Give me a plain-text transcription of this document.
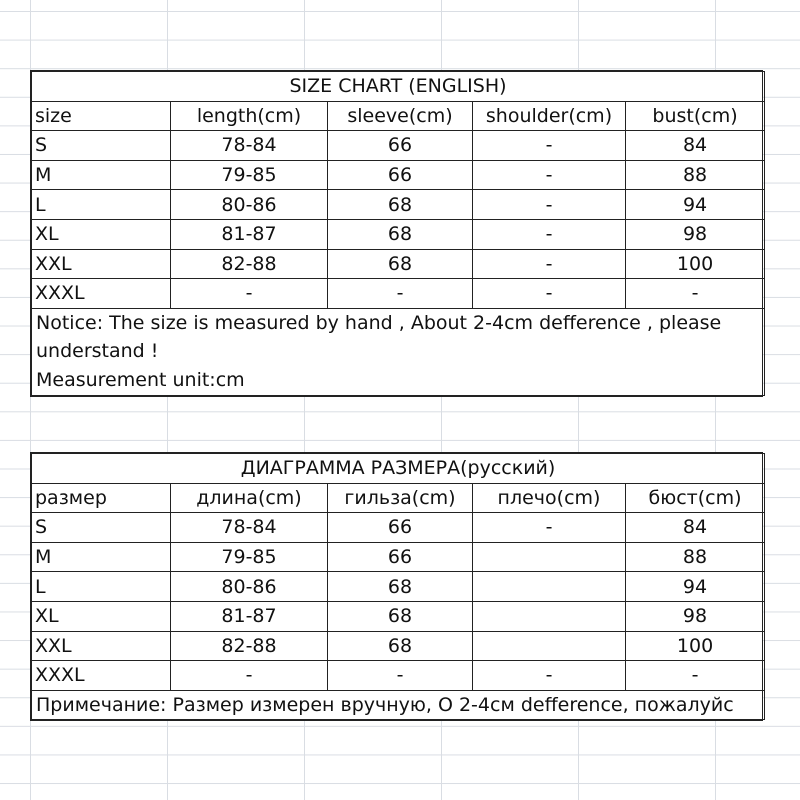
SIZE CHART (ENGLISH)				
size	length(cm)	sleeve(cm)	shoulder(cm)	bust(cm)
S	78-84	66	-	84
M	79-85	66	-	88
L	80-86	68	-	94
XL	81-87	68	-	98
XXL	82-88	68	-	100
XXXL	-	-	-	-

Notice: The size is measured by hand , About 2-4cm defference , please
understand !
Measurement unit:cm				
ДИАГРАММА РАЗМЕРА(русский)				
размер	длина(cm)	гильза(cm)	плечо(cm)	бюст(cm)
S	78-84	66	-	84
M	79-85	66		88
L	80-86	68		94
XL	81-87	68		98
XXL	82-88	68		100
XXXL	-	-	-	-

Примечание: Размер измерен вручную, О 2-4см defference, пожалуйс				
